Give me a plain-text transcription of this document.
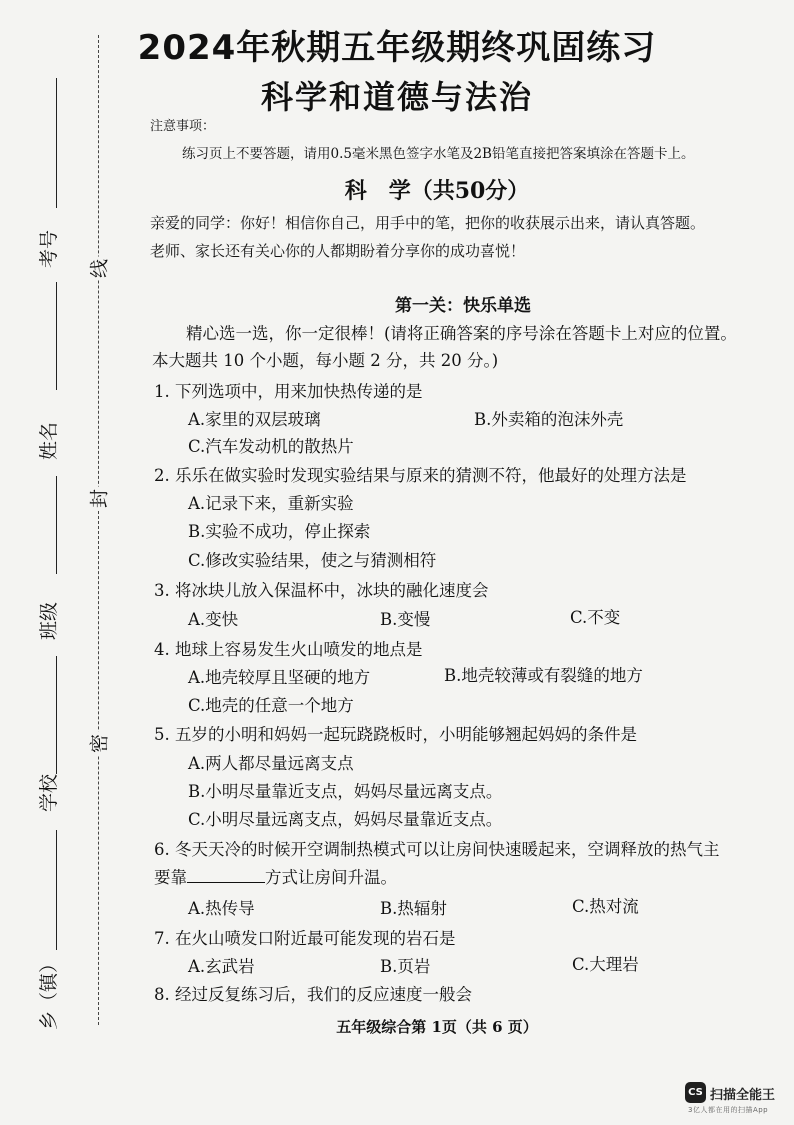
考号
姓名
班级
学校
乡（镇）
线
封
密
2024年秋期五年级期终巩固练习
科学和道德与法治
注意事项：
练习页上不要答题，请用0.5毫米黑色签字水笔及2B铅笔直接把答案填涂在答题卡上。
科　学（共50分）
亲爱的同学：你好！相信你自己，用手中的笔，把你的收获展示出来，请认真答题。
老师、家长还有关心你的人都期盼着分享你的成功喜悦！
第一关：快乐单选
精心选一选，你一定很棒！(请将正确答案的序号涂在答题卡上对应的位置。
本大题共 10 个小题，每小题 2 分，共 20 分。)
1. 下列选项中，用来加快热传递的是
A.家里的双层玻璃	B.外卖箱的泡沫外壳
C.汽车发动机的散热片
2. 乐乐在做实验时发现实验结果与原来的猜测不符，他最好的处理方法是
A.记录下来，重新实验
B.实验不成功，停止探索
C.修改实验结果，使之与猜测相符
3. 将冰块儿放入保温杯中，冰块的融化速度会
A.变快	B.变慢	C.不变
4. 地球上容易发生火山喷发的地点是
A.地壳较厚且坚硬的地方	B.地壳较薄或有裂缝的地方
C.地壳的任意一个地方
5. 五岁的小明和妈妈一起玩跷跷板时，小明能够翘起妈妈的条件是
A.两人都尽量远离支点
B.小明尽量靠近支点，妈妈尽量远离支点。
C.小明尽量远离支点，妈妈尽量靠近支点。
6. 冬天天冷的时候开空调制热模式可以让房间快速暖起来，空调释放的热气主
要靠	方式让房间升温。
A.热传导	B.热辐射	C.热对流
7. 在火山喷发口附近最可能发现的岩石是
A.玄武岩	B.页岩	C.大理岩
8. 经过反复练习后，我们的反应速度一般会
五年级综合第 1页（共 6 页）
CS 扫描全能王
3亿人都在用的扫描App
